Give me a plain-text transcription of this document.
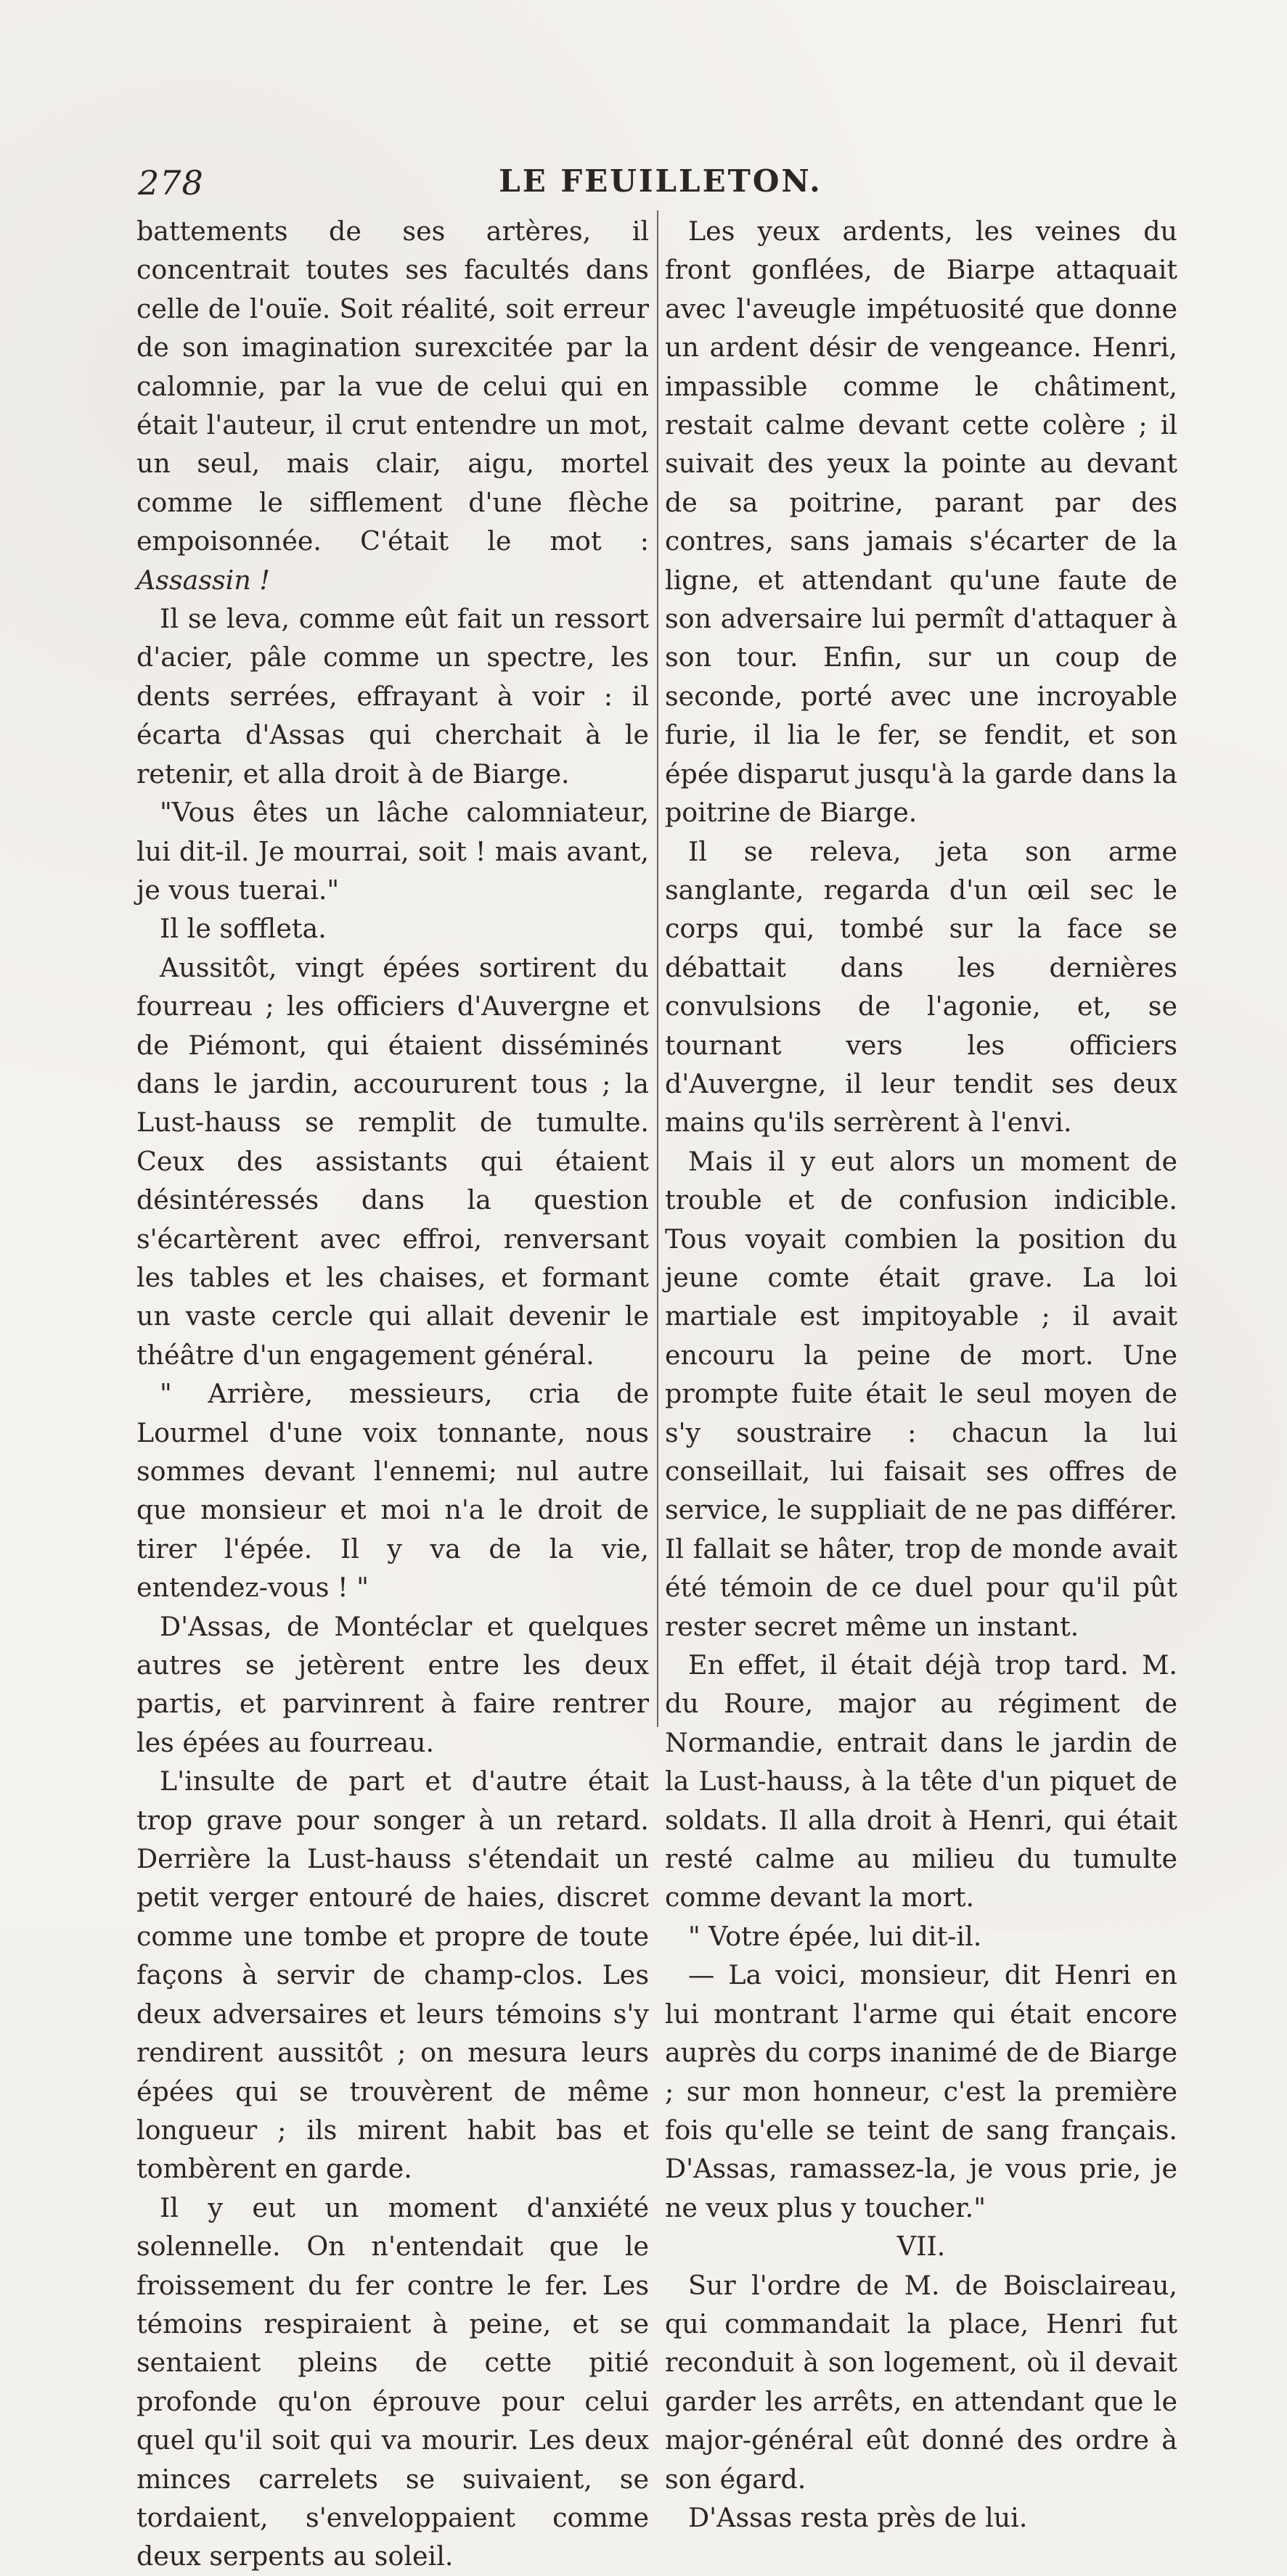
278	LE FEUILLETON.

battements de ses artères, il concentrait toutes ses facultés dans celle de l'ouïe. Soit réalité, soit erreur de son imagination surexcitée par la calomnie, par la vue de celui qui en était l'auteur, il crut entendre un mot, un seul, mais clair, aigu, mortel comme le sifflement d'une flèche empoisonnée. C'était le mot : Assassin !

Il se leva, comme eût fait un ressort d'acier, pâle comme un spectre, les dents serrées, effrayant à voir : il écarta d'Assas qui cherchait à le retenir, et alla droit à de Biarge.

"Vous êtes un lâche calomniateur, lui dit-il. Je mourrai, soit ! mais avant, je vous tuerai."

Il le soffleta.

Aussitôt, vingt épées sortirent du fourreau ; les officiers d'Auvergne et de Piémont, qui étaient disséminés dans le jardin, accoururent tous ; la Lust-hauss se remplit de tumulte. Ceux des assistants qui étaient désintéressés dans la question s'écartèrent avec effroi, renversant les tables et les chaises, et formant un vaste cercle qui allait devenir le théâtre d'un engagement général.

" Arrière, messieurs, cria de Lourmel d'une voix tonnante, nous sommes devant l'ennemi; nul autre que monsieur et moi n'a le droit de tirer l'épée. Il y va de la vie, entendez-vous ! "

D'Assas, de Montéclar et quelques autres se jetèrent entre les deux partis, et parvinrent à faire rentrer les épées au fourreau.

L'insulte de part et d'autre était trop grave pour songer à un retard. Derrière la Lust-hauss s'étendait un petit verger entouré de haies, discret comme une tombe et propre de toute façons à servir de champ-clos. Les deux adversaires et leurs témoins s'y rendirent aussitôt ; on mesura leurs épées qui se trouvèrent de même longueur ; ils mirent habit bas et tombèrent en garde.

Il y eut un moment d'anxiété solennelle. On n'entendait que le froissement du fer contre le fer. Les témoins respiraient à peine, et se sentaient pleins de cette pitié profonde qu'on éprouve pour celui quel qu'il soit qui va mourir. Les deux minces carrelets se suivaient, se tordaient, s'enveloppaient comme deux serpents au soleil.

Les yeux ardents, les veines du front gonflées, de Biarpe attaquait avec l'aveugle impétuosité que donne un ardent désir de vengeance. Henri, impassible comme le châtiment, restait calme devant cette colère ; il suivait des yeux la pointe au devant de sa poitrine, parant par des contres, sans jamais s'écarter de la ligne, et attendant qu'une faute de son adversaire lui permît d'attaquer à son tour. Enfin, sur un coup de seconde, porté avec une incroyable furie, il lia le fer, se fendit, et son épée disparut jusqu'à la garde dans la poitrine de Biarge.

Il se releva, jeta son arme sanglante, regarda d'un œil sec le corps qui, tombé sur la face se débattait dans les dernières convulsions de l'agonie, et, se tournant vers les officiers d'Auvergne, il leur tendit ses deux mains qu'ils serrèrent à l'envi.

Mais il y eut alors un moment de trouble et de confusion indicible. Tous voyait combien la position du jeune comte était grave. La loi martiale est impitoyable ; il avait encouru la peine de mort. Une prompte fuite était le seul moyen de s'y soustraire : chacun la lui conseillait, lui faisait ses offres de service, le suppliait de ne pas différer. Il fallait se hâter, trop de monde avait été témoin de ce duel pour qu'il pût rester secret même un instant.

En effet, il était déjà trop tard. M. du Roure, major au régiment de Normandie, entrait dans le jardin de la Lust-hauss, à la tête d'un piquet de soldats. Il alla droit à Henri, qui était resté calme au milieu du tumulte comme devant la mort.

" Votre épée, lui dit-il.

— La voici, monsieur, dit Henri en lui montrant l'arme qui était encore auprès du corps inanimé de de Biarge ; sur mon honneur, c'est la première fois qu'elle se teint de sang français. D'Assas, ramassez-la, je vous prie, je ne veux plus y toucher."

VII.

Sur l'ordre de M. de Boisclaireau, qui commandait la place, Henri fut reconduit à son logement, où il devait garder les arrêts, en attendant que le major-général eût donné des ordre à son égard.

D'Assas resta près de lui.
